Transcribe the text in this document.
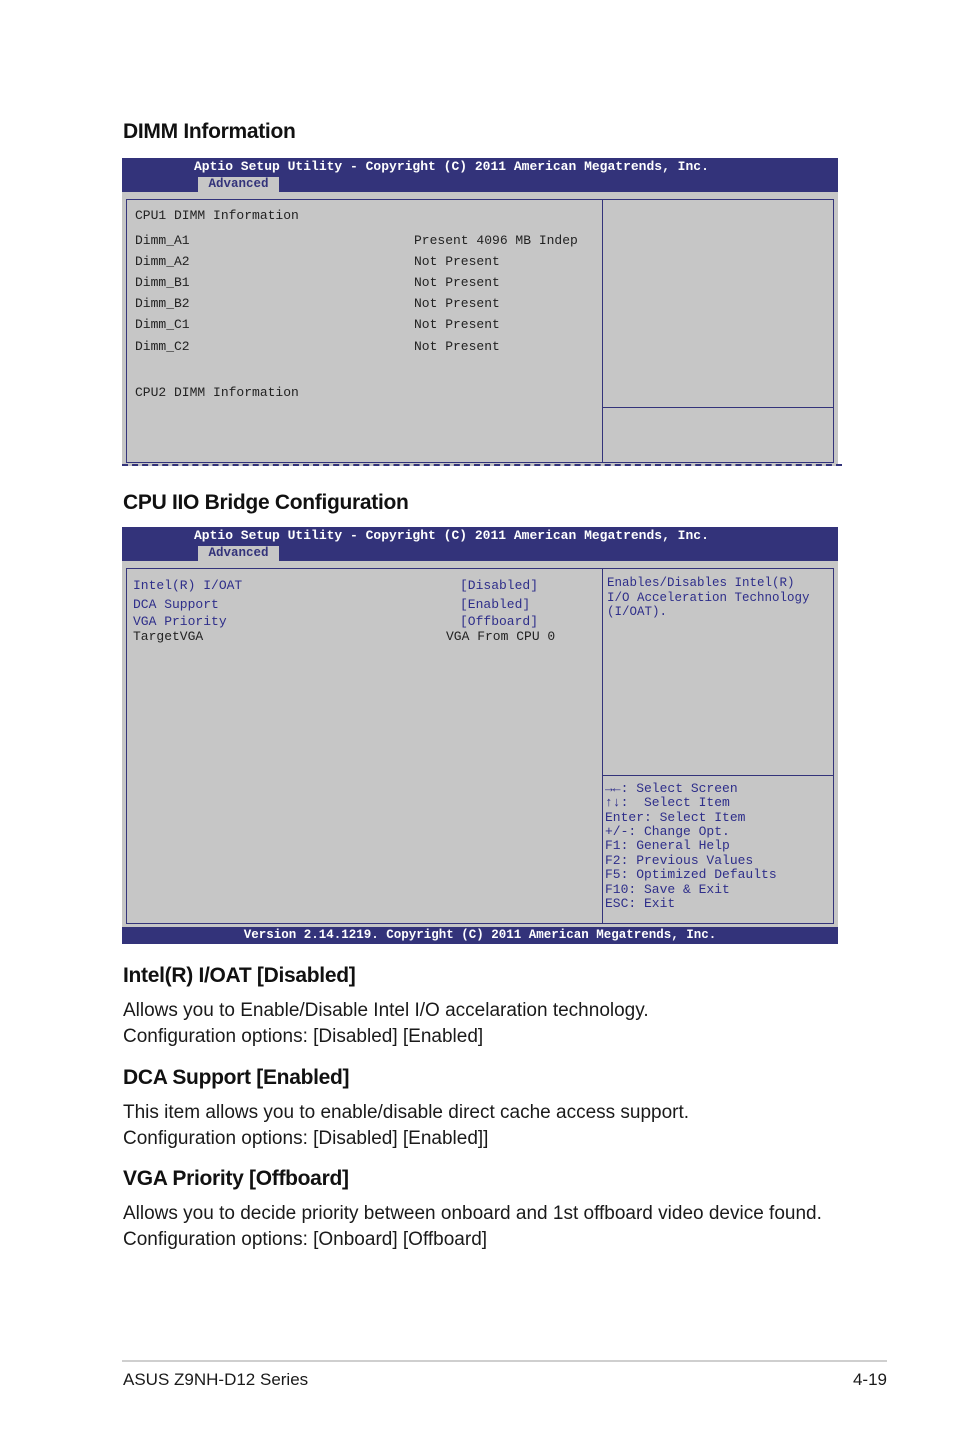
DIMM Information
Aptio Setup Utility - Copyright (C) 2011 American Megatrends, Inc.
Advanced
CPU1 DIMM Information
Dimm_A1	Present 4096 MB Indep
Dimm_A2	Not Present
Dimm_B1	Not Present
Dimm_B2	Not Present
Dimm_C1	Not Present
Dimm_C2	Not Present
CPU2 DIMM Information
CPU IIO Bridge Configuration
Aptio Setup Utility - Copyright (C) 2011 American Megatrends, Inc.
Advanced
Intel(R) I/OAT	[Disabled]
DCA Support	[Enabled]
VGA Priority	[Offboard]
TargetVGA	VGA From CPU 0
Enables/Disables Intel(R)
I/O Acceleration Technology
(I/OAT).
→←: Select Screen
↑↓:  Select Item
Enter: Select Item
+/-: Change Opt.
F1: General Help
F2: Previous Values
F5: Optimized Defaults
F10: Save & Exit
ESC: Exit
Version 2.14.1219. Copyright (C) 2011 American Megatrends, Inc.
Intel(R) I/OAT [Disabled]
Allows you to Enable/Disable Intel I/O accelaration technology.
Configuration options: [Disabled] [Enabled]
DCA Support [Enabled]
This item allows you to enable/disable direct cache access support.
Configuration options: [Disabled] [Enabled]]
VGA Priority [Offboard]
Allows you to decide priority between onboard and 1st offboard video device found.
Configuration options: [Onboard] [Offboard]
ASUS Z9NH-D12 Series	4-19
